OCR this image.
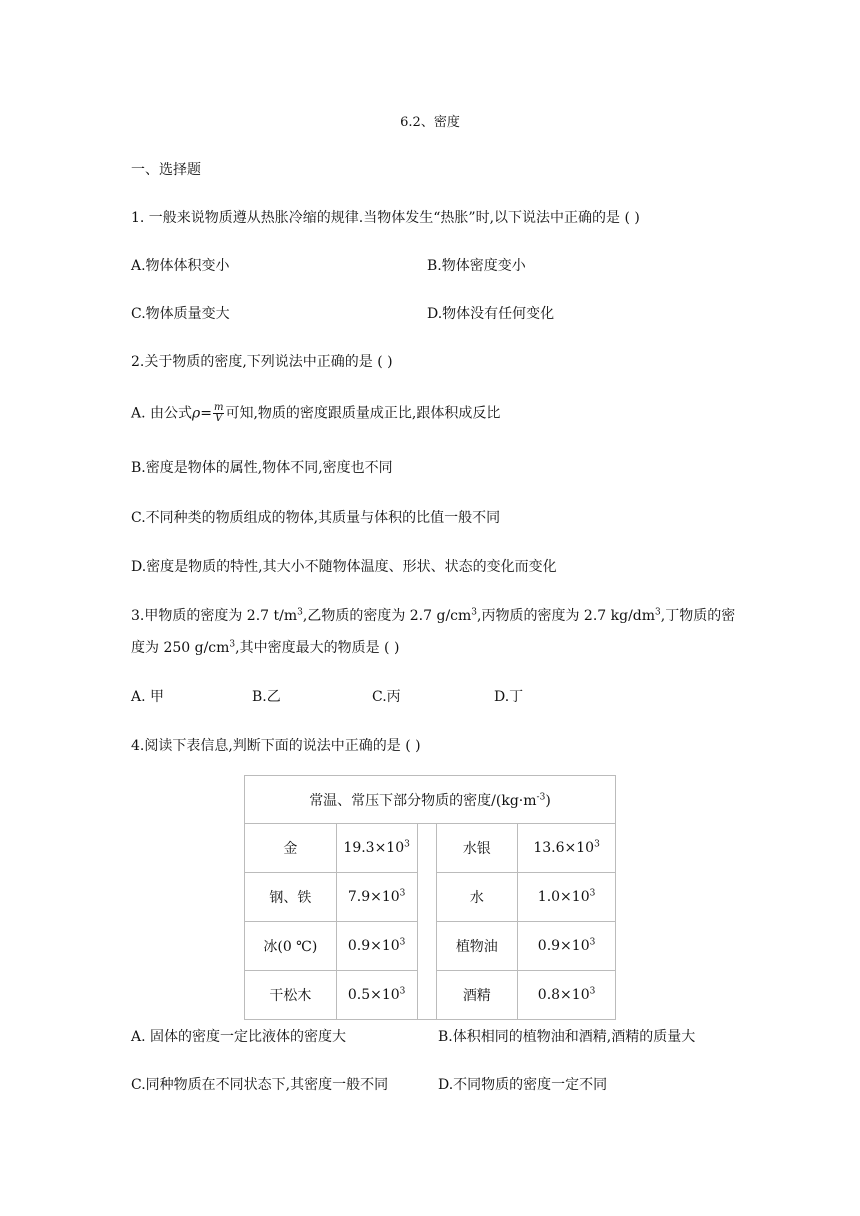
6.2、密度
一、选择题
1. 一般来说物质遵从热胀冷缩的规律.当物体发生“热胀”时,以下说法中正确的是 ( )
A.物体体积变小	B.物体密度变小
C.物体质量变大	D.物体没有任何变化
2.关于物质的密度,下列说法中正确的是 ( )
A. 由公式$\rho= \frac{m}{V}$ 可知,物质的密度跟质量成正比,跟体积成反比
B.密度是物体的属性,物体不同,密度也不同
C.不同种类的物质组成的物体,其质量与体积的比值一般不同
D.密度是物质的特性,其大小不随物体温度、形状、状态的变化而变化
3.甲物质的密度为 2.7 $t/m^3$,乙物质的密度为 2.7 $g/cm^3$,丙物质的密度为 2.7 $kg/dm^3$,丁物质的密
度为 250 $g/cm^3$,其中密度最大的物质是 ( )
A. 甲	B.乙	C.丙	D.丁
4.阅读下表信息,判断下面的说法中正确的是 ( )
常温、常压下部分物质的密度$/(kg\cdot m^{-3})$				
金	$19.3\times 10^3$		水银	$13.6\times 10^3$
钢、铁	$7.9\times 10^3$		水	$1.0\times 10^3$
冰(0 ℃)	$0.9\times 10^3$		植物油	$0.9\times 10^3$
干松木	$0.5\times 10^3$		酒精	$0.8\times 10^3$
A. 固体的密度一定比液体的密度大	B.体积相同的植物油和酒精,酒精的质量大
C.同种物质在不同状态下,其密度一般不同	D.不同物质的密度一定不同
